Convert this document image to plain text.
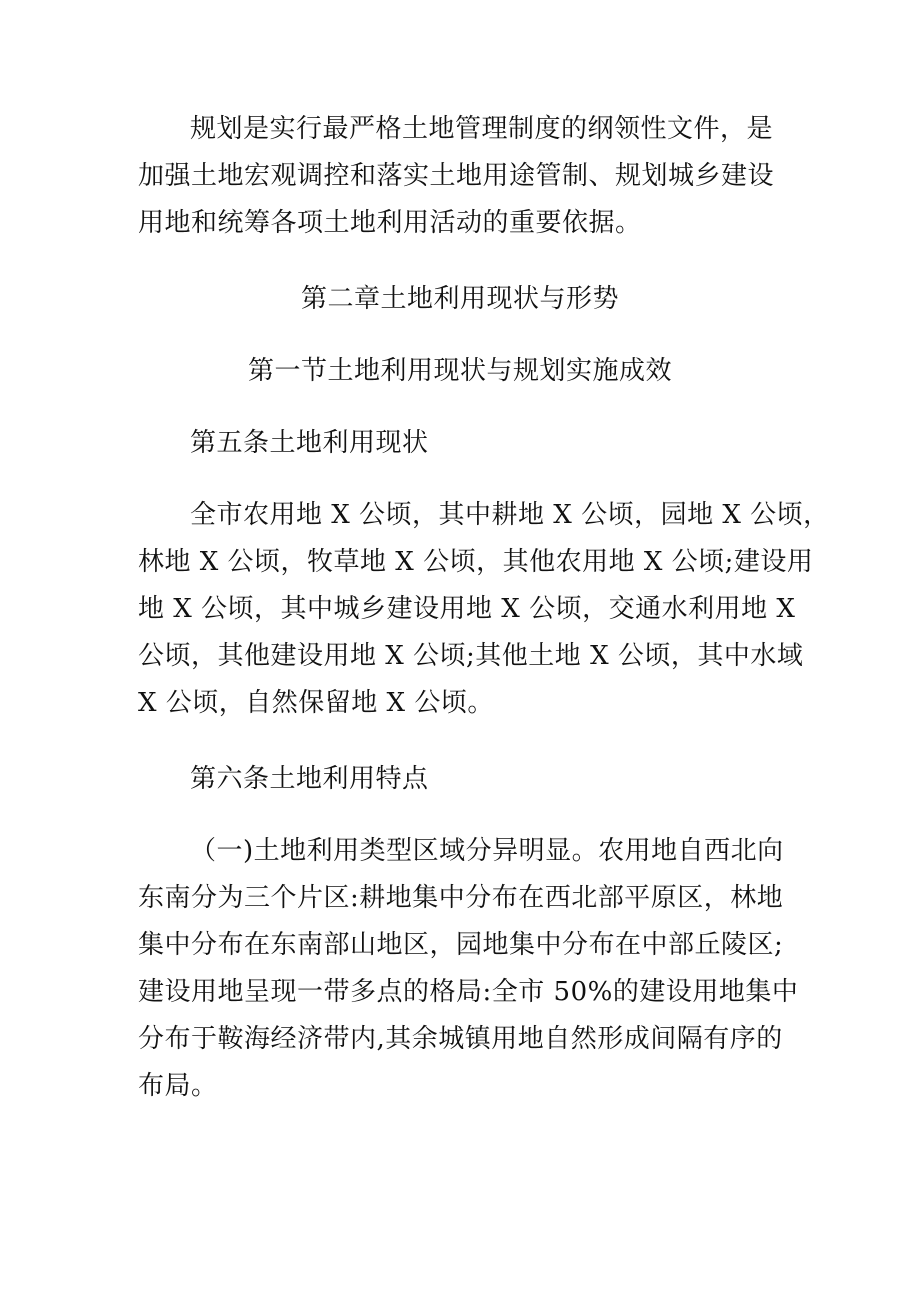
规划是实行最严格土地管理制度的纲领性文件，是
加强土地宏观调控和落实土地用途管制、规划城乡建设
用地和统筹各项土地利用活动的重要依据。
第二章土地利用现状与形势
第一节土地利用现状与规划实施成效
第五条土地利用现状
全市农用地 X 公顷，其中耕地 X 公顷，园地 X 公顷，
林地 X 公顷，牧草地 X 公顷，其他农用地 X 公顷;建设用
地 X 公顷，其中城乡建设用地 X 公顷，交通水利用地 X
公顷，其他建设用地 X 公顷;其他土地 X 公顷，其中水域
X 公顷，自然保留地 X 公顷。
第六条土地利用特点
（一)土地利用类型区域分异明显。农用地自西北向
东南分为三个片区:耕地集中分布在西北部平原区，林地
集中分布在东南部山地区，园地集中分布在中部丘陵区;
建设用地呈现一带多点的格局:全市 50%的建设用地集中
分布于鞍海经济带内,其余城镇用地自然形成间隔有序的
布局。
